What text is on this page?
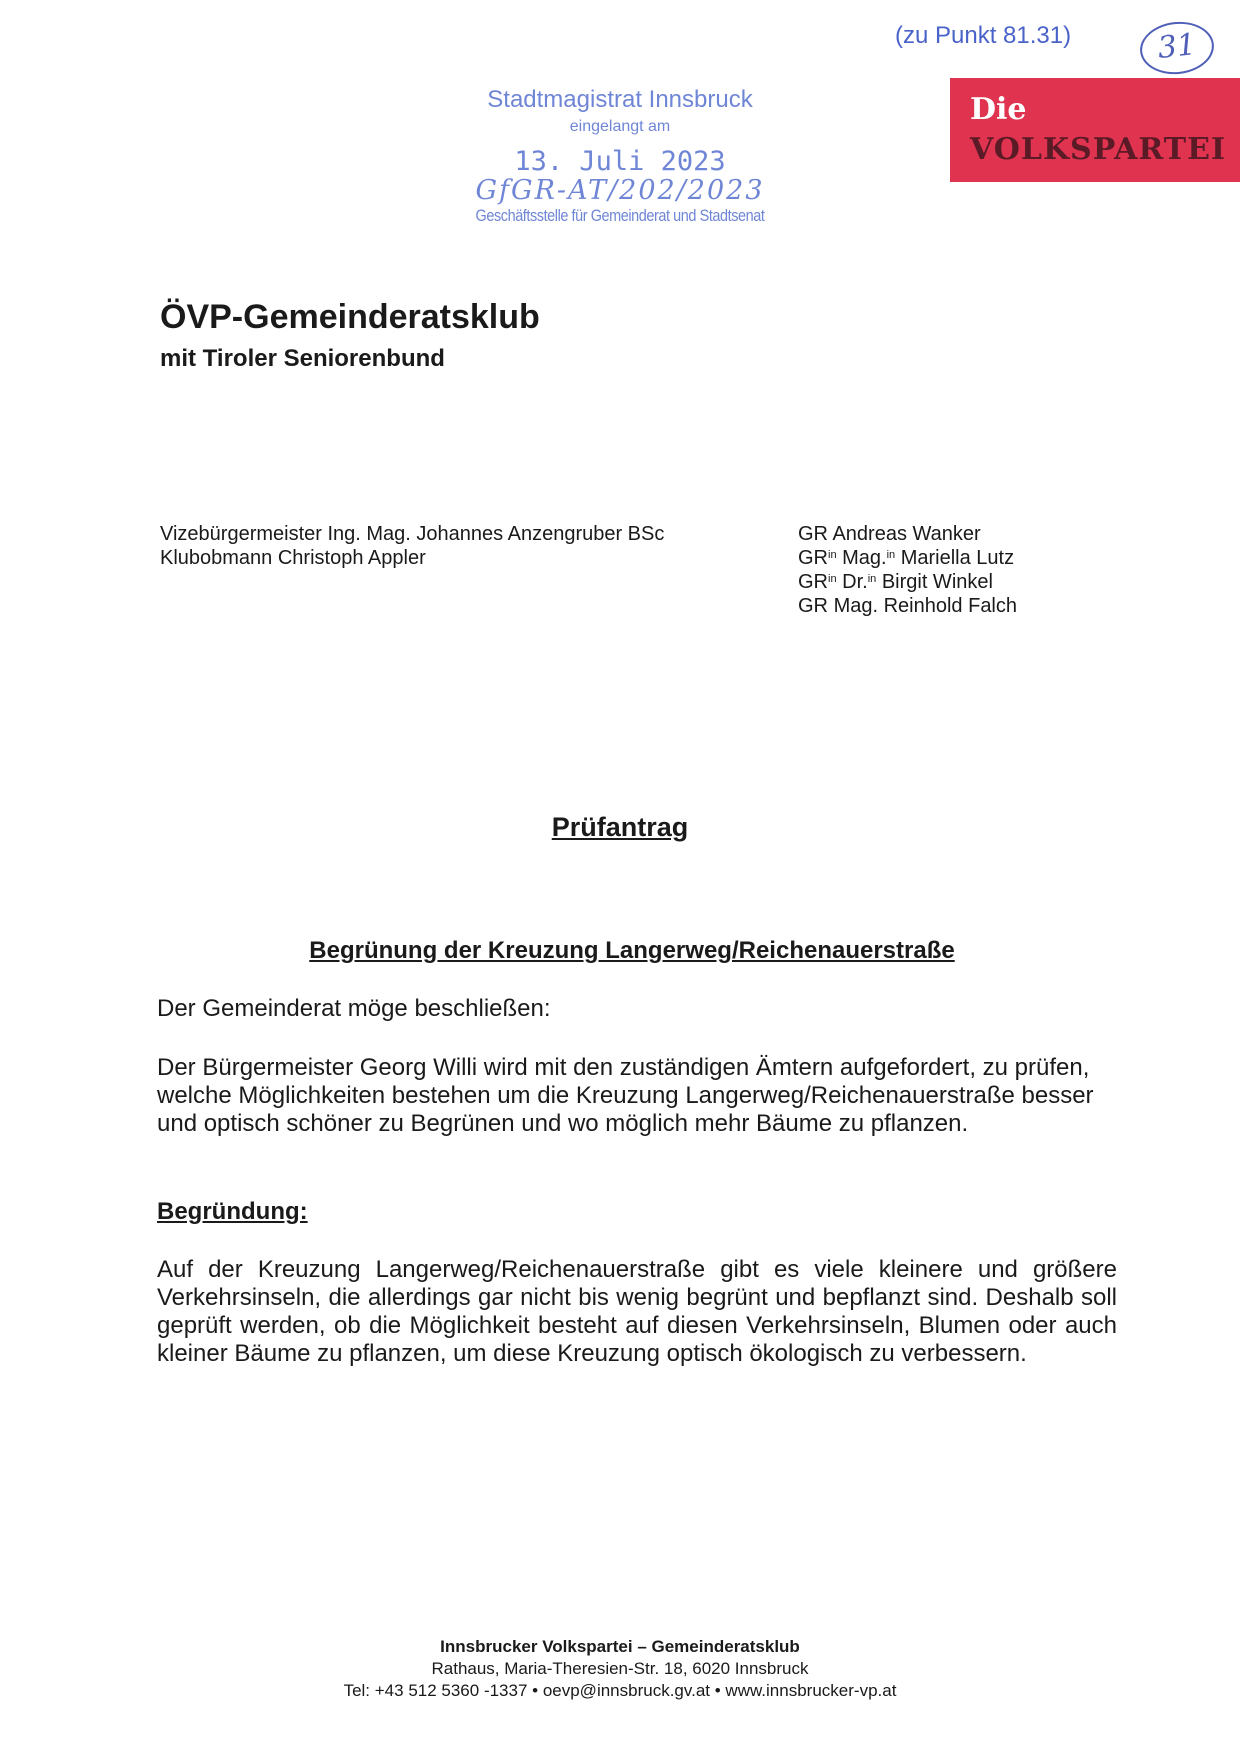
(zu Punkt 81.31)	31
Die
VOLKSPARTEI
Stadtmagistrat Innsbruck
eingelangt am
13. Juli 2023
GfGR-AT/202/2023
Geschäftsstelle für Gemeinderat und Stadtsenat
ÖVP-Gemeinderatsklub
mit Tiroler Seniorenbund
Vizebürgermeister Ing. Mag. Johannes Anzengruber BSc
Klubobmann Christoph Appler
GR Andreas Wanker
$GR^{in}$ Mag.$^{in}$ Mariella Lutz
$GR^{in}$ Dr.$^{in}$ Birgit Winkel
GR Mag. Reinhold Falch
Prüfantrag
Begrünung der Kreuzung Langerweg/Reichenauerstraße
Der Gemeinderat möge beschließen:
Der Bürgermeister Georg Willi wird mit den zuständigen Ämtern aufgefordert, zu prüfen, welche Möglichkeiten bestehen um die Kreuzung Langerweg/Reichenauerstraße besser und optisch schöner zu Begrünen und wo möglich mehr Bäume zu pflanzen.
Begründung:
Auf der Kreuzung Langerweg/Reichenauerstraße gibt es viele kleinere und größere Verkehrsinseln, die allerdings gar nicht bis wenig begrünt und bepflanzt sind. Deshalb soll geprüft werden, ob die Möglichkeit besteht auf diesen Verkehrsinseln, Blumen oder auch kleiner Bäume zu pflanzen, um diese Kreuzung optisch ökologisch zu verbessern.
Innsbrucker Volkspartei – Gemeinderatsklub
Rathaus, Maria-Theresien-Str. 18, 6020 Innsbruck
Tel: +43 512 5360 -1337 • oevp@innsbruck.gv.at • www.innsbrucker-vp.at
